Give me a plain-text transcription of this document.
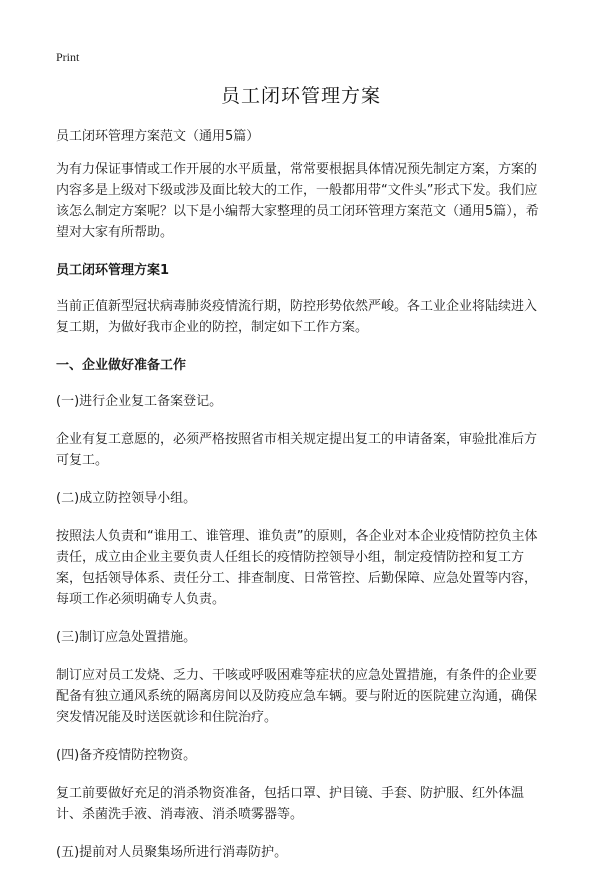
Print
员工闭环管理方案

员工闭环管理方案范文（通用5篇）

为有力保证事情或工作开展的水平质量，常常要根据具体情况预先制定方案，方案的内容多是上级对下级或涉及面比较大的工作，一般都用带“文件头”形式下发。我们应该怎么制定方案呢？以下是小编帮大家整理的员工闭环管理方案范文（通用5篇），希望对大家有所帮助。

员工闭环管理方案1

当前正值新型冠状病毒肺炎疫情流行期，防控形势依然严峻。各工业企业将陆续进入复工期，为做好我市企业的防控，制定如下工作方案。

一、企业做好准备工作

(一)进行企业复工备案登记。

企业有复工意愿的，必须严格按照省市相关规定提出复工的申请备案，审验批准后方可复工。

(二)成立防控领导小组。

按照法人负责和“谁用工、谁管理、谁负责”的原则，各企业对本企业疫情防控负主体责任，成立由企业主要负责人任组长的疫情防控领导小组，制定疫情防控和复工方案，包括领导体系、责任分工、排查制度、日常管控、后勤保障、应急处置等内容，每项工作必须明确专人负责。

(三)制订应急处置措施。

制订应对员工发烧、乏力、干咳或呼吸困难等症状的应急处置措施，有条件的企业要配备有独立通风系统的隔离房间以及防疫应急车辆。要与附近的医院建立沟通，确保突发情况能及时送医就诊和住院治疗。

(四)备齐疫情防控物资。

复工前要做好充足的消杀物资准备，包括口罩、护目镜、手套、防护服、红外体温计、杀菌洗手液、消毒液、消杀喷雾器等。

(五)提前对人员聚集场所进行消毒防护。
